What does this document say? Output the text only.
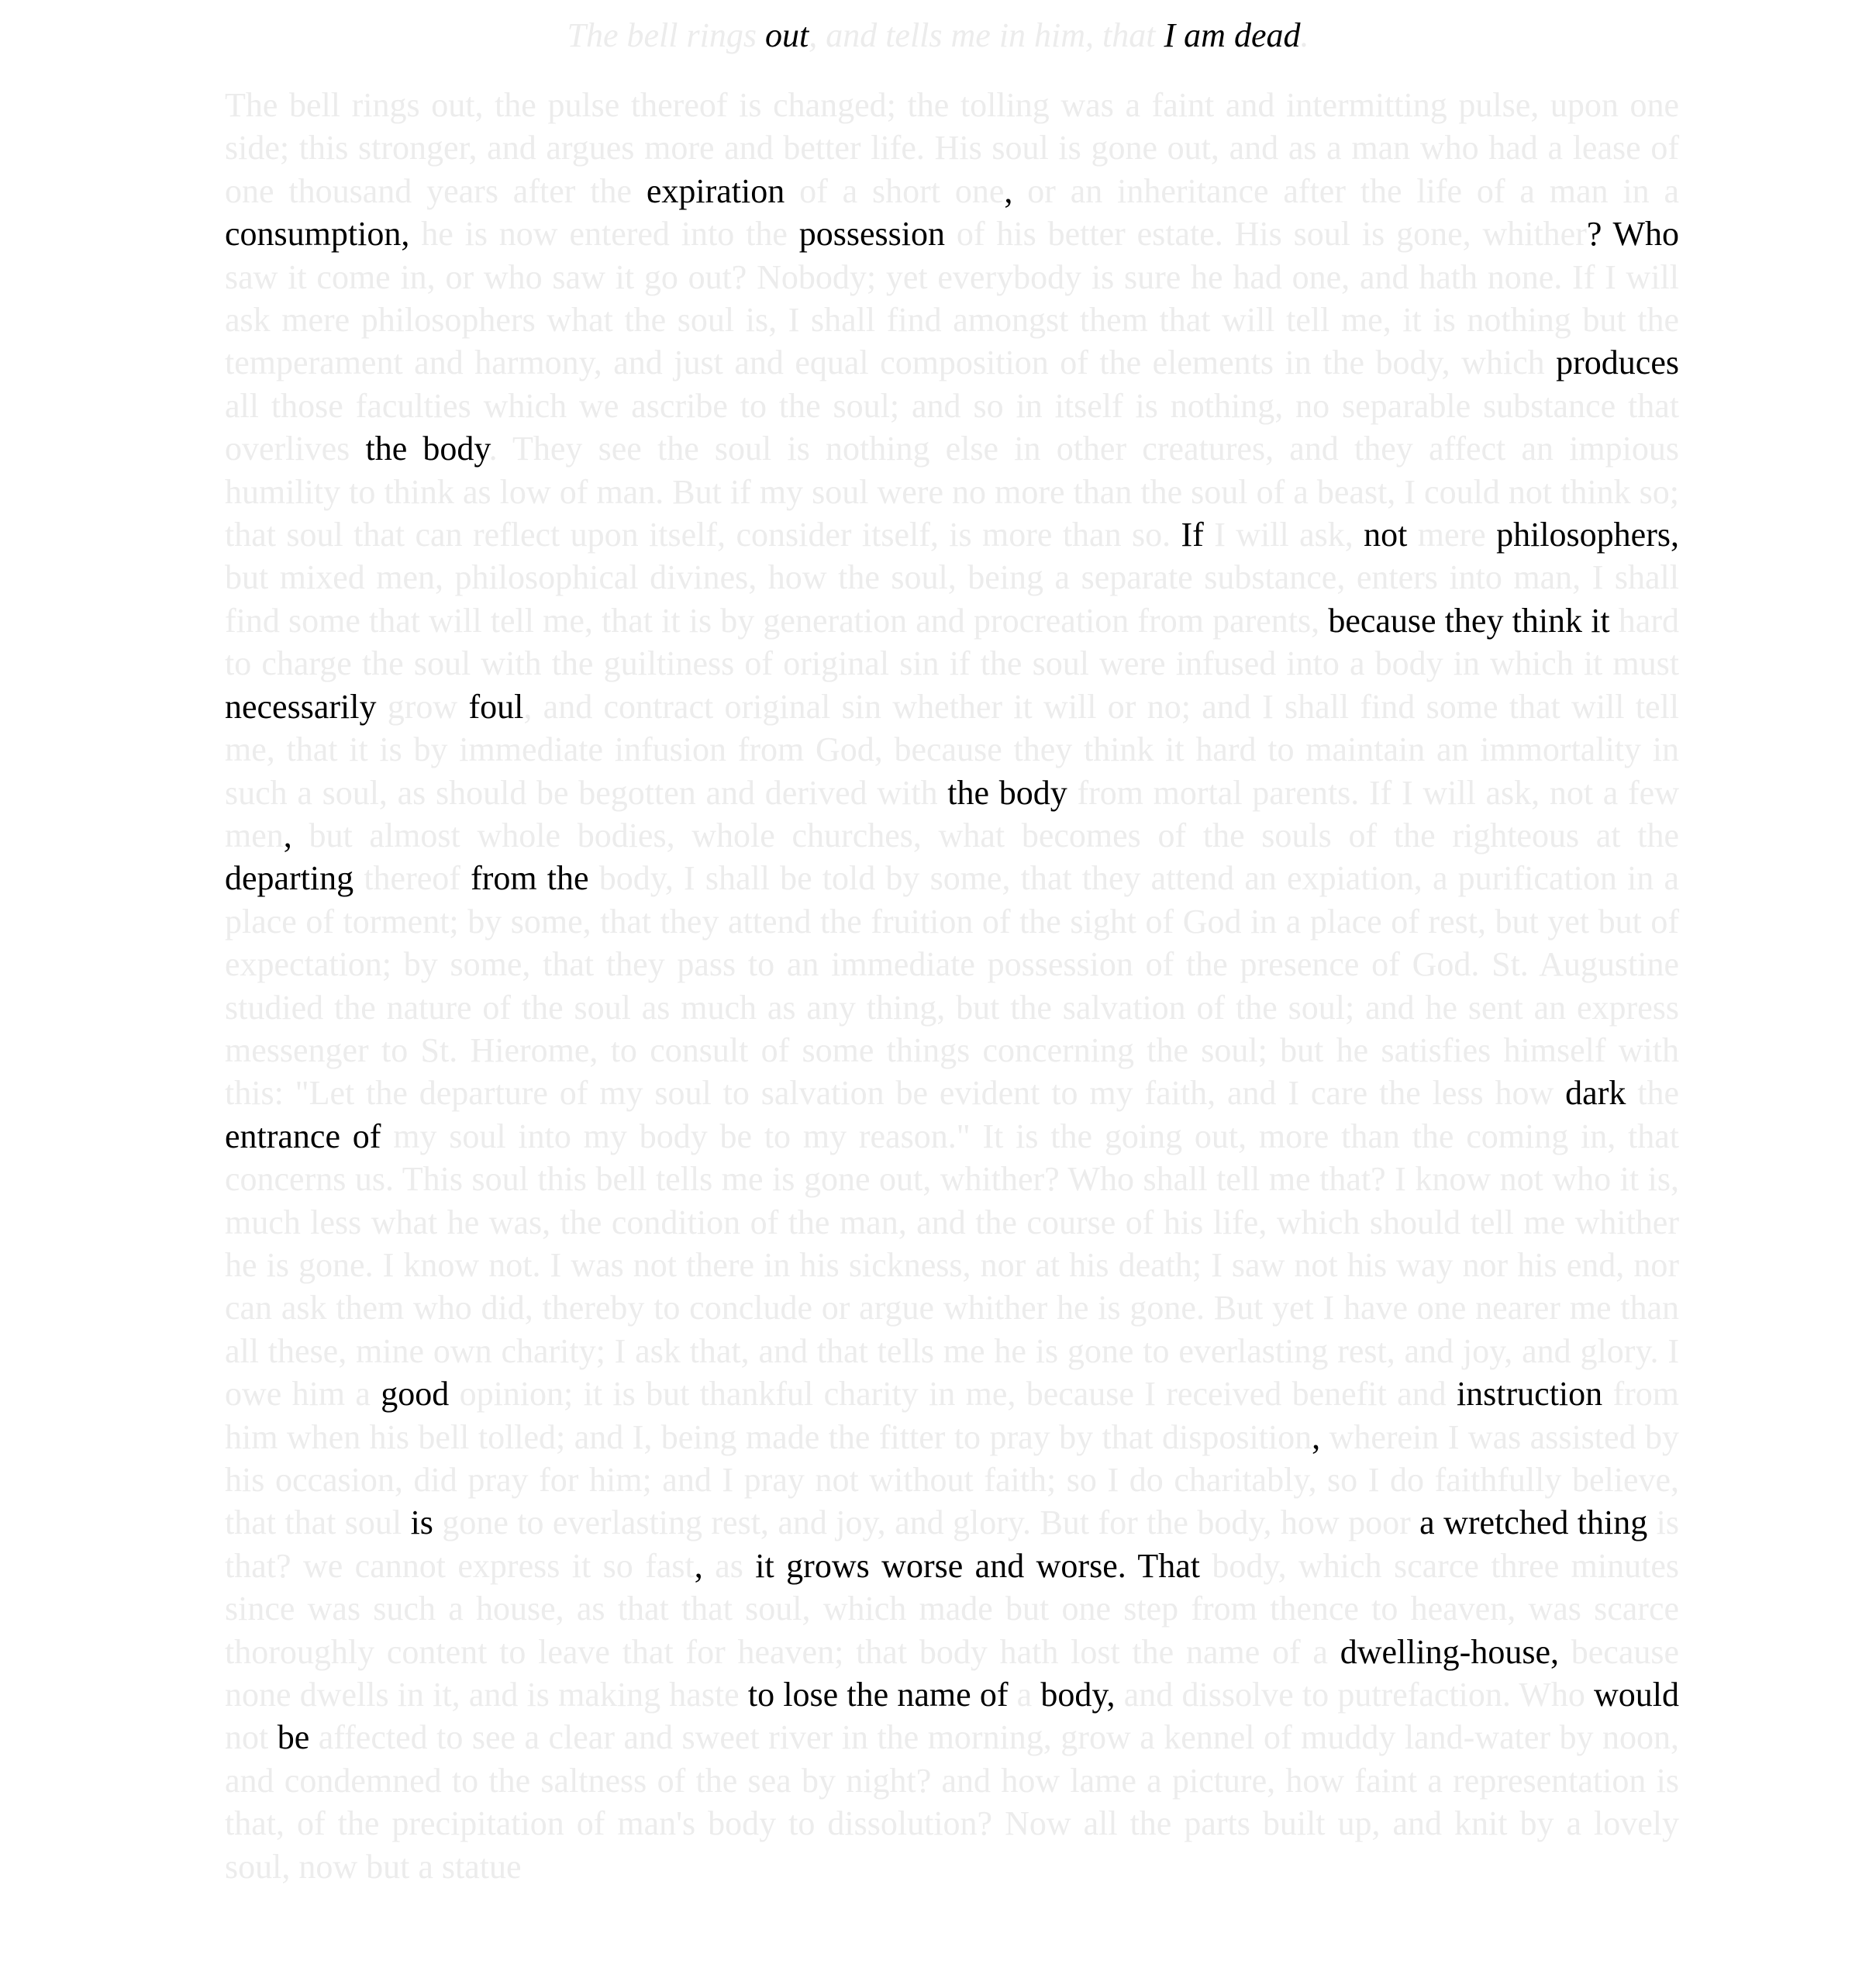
The bell rings out, and tells me in him, that I am dead.
The bell rings out, the pulse thereof is changed; the tolling was a faint and intermitting pulse, upon one side; this stronger, and argues more and better life. His soul is gone out, and as a man who had a lease of one thousand years after the expiration of a short one, or an inheritance after the life of a man in a consumption, he is now entered into the possession of his better estate. His soul is gone, whither? Who saw it come in, or who saw it go out? Nobody; yet everybody is sure he had one, and hath none. If I will ask mere philosophers what the soul is, I shall find amongst them that will tell me, it is nothing but the temperament and harmony, and just and equal composition of the elements in the body, which produces all those faculties which we ascribe to the soul; and so in itself is nothing, no separable substance that overlives the body. They see the soul is nothing else in other creatures, and they affect an impious humility to think as low of man. But if my soul were no more than the soul of a beast, I could not think so; that soul that can reflect upon itself, consider itself, is more than so. If I will ask, not mere philosophers, but mixed men, philosophical divines, how the soul, being a separate substance, enters into man, I shall find some that will tell me, that it is by generation and procreation from parents, because they think it hard to charge the soul with the guiltiness of original sin if the soul were infused into a body in which it must necessarily grow foul, and contract original sin whether it will or no; and I shall find some that will tell me, that it is by immediate infusion from God, because they think it hard to maintain an immortality in such a soul, as should be begotten and derived with the body from mortal parents. If I will ask, not a few men, but almost whole bodies, whole churches, what becomes of the souls of the righteous at the departing thereof from the body, I shall be told by some, that they attend an expiation, a purification in a place of torment; by some, that they attend the fruition of the sight of God in a place of rest, but yet but of expectation; by some, that they pass to an immediate possession of the presence of God. St. Augustine studied the nature of the soul as much as any thing, but the salvation of the soul; and he sent an express messenger to St. Hierome, to consult of some things concerning the soul; but he satisfies himself with this: "Let the departure of my soul to salvation be evident to my faith, and I care the less how dark the entrance of my soul into my body be to my reason." It is the going out, more than the coming in, that concerns us. This soul this bell tells me is gone out, whither? Who shall tell me that? I know not who it is, much less what he was, the condition of the man, and the course of his life, which should tell me whither he is gone. I know not. I was not there in his sickness, nor at his death; I saw not his way nor his end, nor can ask them who did, thereby to conclude or argue whither he is gone. But yet I have one nearer me than all these, mine own charity; I ask that, and that tells me he is gone to everlasting rest, and joy, and glory. I owe him a good opinion; it is but thankful charity in me, because I received benefit and instruction from him when his bell tolled; and I, being made the fitter to pray by that disposition, wherein I was assisted by his occasion, did pray for him; and I pray not without faith; so I do charitably, so I do faithfully believe, that that soul is gone to everlasting rest, and joy, and glory. But for the body, how poor a wretched thing is that? we cannot express it so fast, as it grows worse and worse. That body, which scarce three minutes since was such a house, as that that soul, which made but one step from thence to heaven, was scarce thoroughly content to leave that for heaven; that body hath lost the name of a dwelling-house, because none dwells in it, and is making haste to lose the name of a body, and dissolve to putrefaction. Who would not be affected to see a clear and sweet river in the morning, grow a kennel of muddy land-water by noon, and condemned to the saltness of the sea by night? and how lame a picture, how faint a representation is that, of the precipitation of man's body to dissolution? Now all the parts built up, and knit by a lovely soul, now but a statue
